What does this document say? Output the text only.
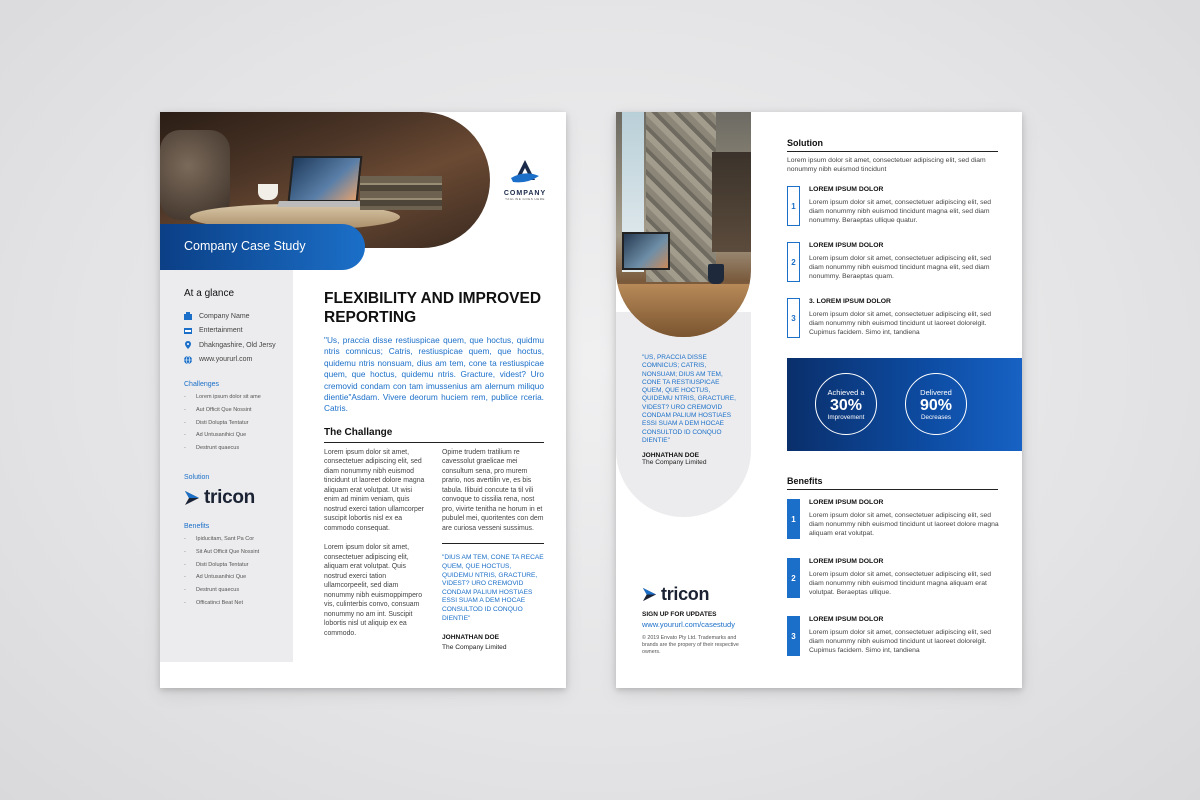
COMPANY
TAGLINE GOES HERE
Company Case Study
At a glance
Company Name
Entertainment
Dhakngashire, Old Jersy
www.yoururl.com
Challenges
- Lorem ipsum dolor sit ame
- Aut Officit Que Nossint
- Disti Dolupta Tentatur
- Ad Untusanihici Que
- Destrunt quaecus
Solution
tricon
Benefits
- Ipiducitam, Sant Pa Cor
- Sit Aut Officit Que Nossint
- Disti Dolupta Tentatur
- Ad Untusanihici Que
- Destrunt quaecus
- Officatinci Beat Net
FLEXIBILITY AND IMPROVED REPORTING

"Us, praccia disse restiuspicae quem, que hoctus, quidmu ntris comnicus; Catris, restiuspicae quem, que hoctus, quidemu ntris nonsuam, dius am tem, cone ta restiuspicae quem, que hoctus, quidemu ntris. Gracture, videst? Uro cremovid condam con tam imussenius am alernum miliquo dientie"Asdam. Vivere deorum huciem rem, publice rceria. Catris.

The Challange

Lorem ipsum dolor sit amet, consectetuer adipiscing elit, sed diam nonummy nibh euismod tincidunt ut laoreet dolore magna aliquam erat volutpat. Ut wisi enim ad minim veniam, quis nostrud exerci tation ullamcorper suscipit lobortis nisl ex ea commodo consequat.

Lorem ipsum dolor sit amet, consectetuer adipiscing elit, aliquam erat volutpat. Quis nostrud exerci tation ullamcorpeelit, sed diam nonummy nibh euismoppimpero vis, culinterbis convo, consuam nonummy no am int. Suscipit lobortis nisl ut aliquip ex ea commodo.

Opime trudem tratilium re cavessolut graelicae mei consultum sena, pro murem prario, nos avertilin ve, es bis tabula. Ilibuid concute ta til vili convoque to cissilia rena, nost pro, vivirte tenitha ne horum in et pubulel mei, quoritentes con dem are curiosa vesseni sussimus.

"DIUS AM TEM, CONE TA RECAE QUEM, QUE HOCTUS, QUIDEMU NTRIS, GRACTURE, VIDEST? URO CREMOVID CONDAM PALIUM HOSTIAES ESSI SUAM A DEM HOCAE CONSULTOD ID CONQUO DIENTIE"

JOHNATHAN DOE
The Company Limited

"US, PRACCIA DISSE COMNICUS; CATRIS, NONSUAM; DIUS AM TEM, CONE TA RESTIUSPICAE QUEM, QUE HOCTUS, QUIDEMU NTRIS, GRACTURE, VIDEST? URO CREMOVID CONDAM PALIUM HOSTIAES ESSI SUAM A DEM HOCAE CONSULTOD ID CONQUO DIENTIE"

JOHNATHAN DOE
The Company Limited
tricon
SIGN UP FOR UPDATES
www.yoururl.com/casestudy
© 2019 Envato Pty Ltd. Trademarks and brands are the propery of their respective owners.
Solution
Lorem ipsum dolor sit amet, consectetuer adipiscing elit, sed diam nonummy nibh euismod tincidunt
1
LOREM IPSUM DOLOR
Lorem ipsum dolor sit amet, consectetuer adipiscing elit, sed diam nonummy nibh euismod tincidunt magna elit, sed diam nonummy. Beraeptas ullique quatur.
2
LOREM IPSUM DOLOR
Lorem ipsum dolor sit amet, consectetuer adipiscing elit, sed diam nonummy nibh euismod tincidunt magna elit, sed diam nonummy. Beraeptas quam.
3
3. LOREM IPSUM DOLOR
Lorem ipsum dolor sit amet, consectetuer adipiscing elit, sed diam nonummy nibh euismod tincidunt ut laoreet dolorelgit. Cupimus facidem. Simo int, tandiena
Achieved a
30%
Improvement
Delivered
90%
Decreases
Benefits
1
LOREM IPSUM DOLOR
Lorem ipsum dolor sit amet, consectetuer adipiscing elit, sed diam nonummy nibh euismod tincidunt ut laoreet dolore magna aliquam erat volutpat.
2
LOREM IPSUM DOLOR
Lorem ipsum dolor sit amet, consectetuer adipiscing elit, sed diam nonummy nibh euismod tincidunt magna aliquam erat volutpat. Beraeptas ullique.
3
LOREM IPSUM DOLOR
Lorem ipsum dolor sit amet, consectetuer adipiscing elit, sed diam nonummy nibh euismod tincidunt ut laoreet dolorelgit. Cupimus facidem. Simo int, tandiena
